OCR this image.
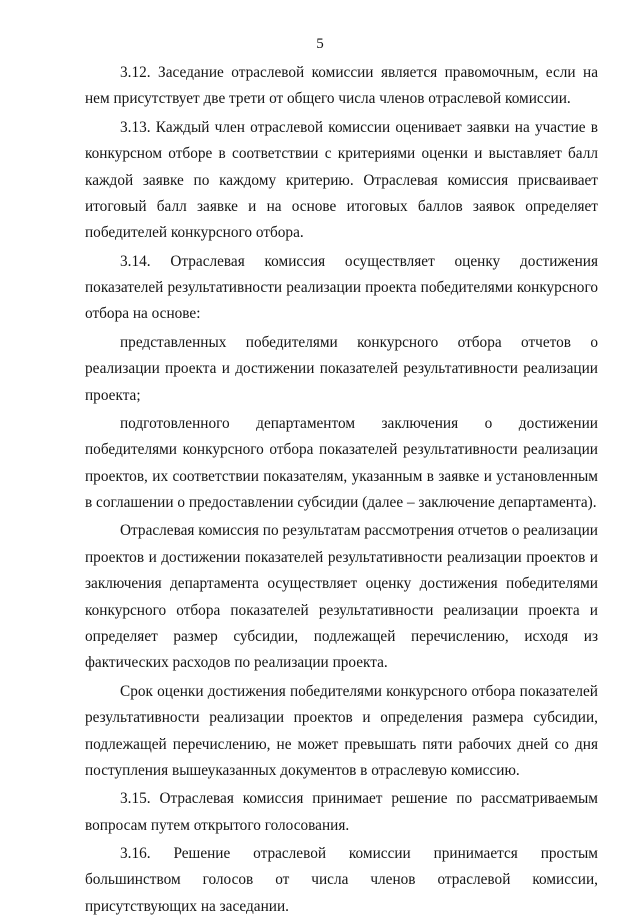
5

3.12. Заседание отраслевой комиссии является правомочным, если на нем присутствует две трети от общего числа членов отраслевой комиссии.

3.13. Каждый член отраслевой комиссии оценивает заявки на участие в конкурсном отборе в соответствии с критериями оценки и выставляет балл каждой заявке по каждому критерию. Отраслевая комиссия присваивает итоговый балл заявке и на основе итоговых баллов заявок определяет победителей конкурсного отбора.

3.14. Отраслевая комиссия осуществляет оценку достижения показателей результативности реализации проекта победителями конкурсного отбора на основе:

представленных победителями конкурсного отбора отчетов о реализации проекта и достижении показателей результативности реализации проекта;

подготовленного департаментом заключения о достижении победителями конкурсного отбора показателей результативности реализации проектов, их соответствии показателям, указанным в заявке и установленным в соглашении о предоставлении субсидии (далее – заключение департамента).

Отраслевая комиссия по результатам рассмотрения отчетов о реализации проектов и достижении показателей результативности реализации проектов и заключения департамента осуществляет оценку достижения победителями конкурсного отбора показателей результативности реализации проекта и определяет размер субсидии, подлежащей перечислению, исходя из фактических расходов по реализации проекта.

Срок оценки достижения победителями конкурсного отбора показателей результативности реализации проектов и определения размера субсидии, подлежащей перечислению, не может превышать пяти рабочих дней со дня поступления вышеуказанных документов в отраслевую комиссию.

3.15. Отраслевая комиссия принимает решение по рассматриваемым вопросам путем открытого голосования.

3.16. Решение отраслевой комиссии принимается простым большинством голосов от числа членов отраслевой комиссии, присутствующих на заседании.
